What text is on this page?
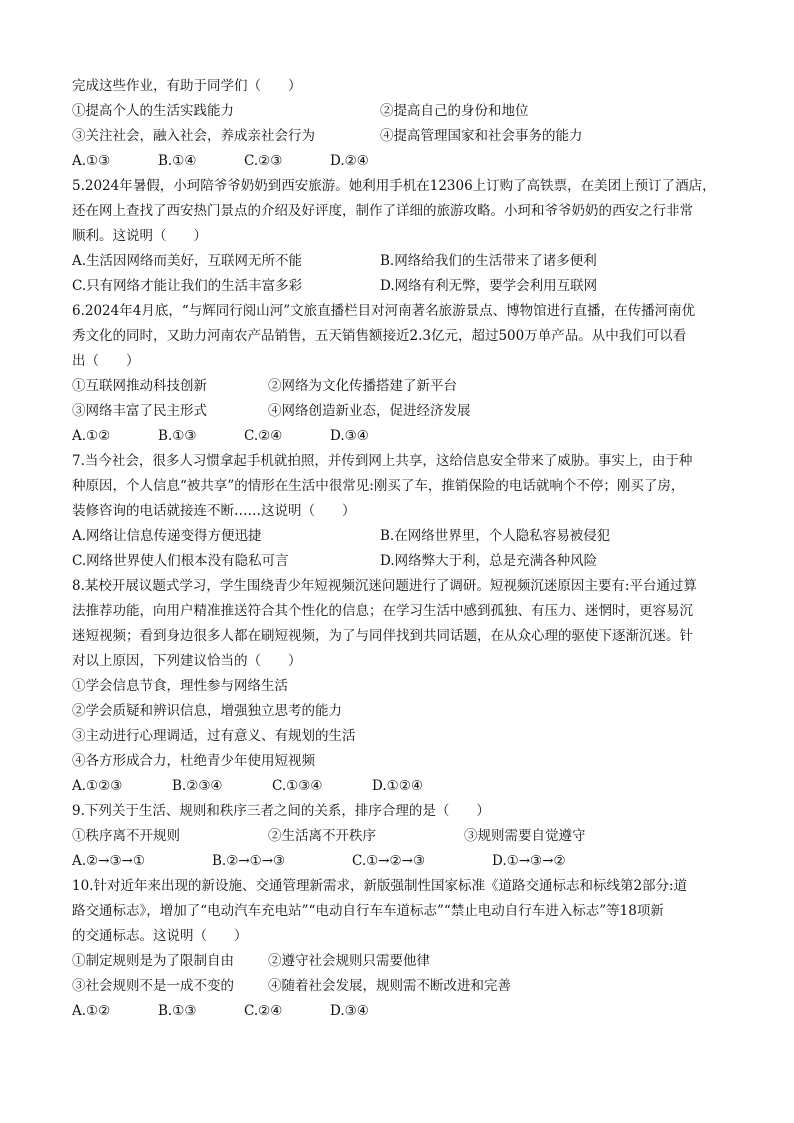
完成这些作业，有助于同学们（　　）
①提高个人的生活实践能力	②提高自己的身份和地位
③关注社会，融入社会，养成亲社会行为	④提高管理国家和社会事务的能力
A.①③	B.①④	C.②③	D.②④
5.2024年暑假，小珂陪爷爷奶奶到西安旅游。她利用手机在12306上订购了高铁票，在美团上预订了酒店，
还在网上查找了西安热门景点的介绍及好评度，制作了详细的旅游攻略。小珂和爷爷奶奶的西安之行非常
顺利。这说明（　　）
A.生活因网络而美好，互联网无所不能	B.网络给我们的生活带来了诸多便利
C.只有网络才能让我们的生活丰富多彩	D.网络有利无弊，要学会利用互联网
6.2024年4月底，“与辉同行阅山河”文旅直播栏目对河南著名旅游景点、博物馆进行直播，在传播河南优
秀文化的同时，又助力河南农产品销售，五天销售额接近2.3亿元，超过500万单产品。从中我们可以看
出（　　）
①互联网推动科技创新	②网络为文化传播搭建了新平台
③网络丰富了民主形式	④网络创造新业态，促进经济发展
A.①②	B.①③	C.②④	D.③④
7.当今社会，很多人习惯拿起手机就拍照，并传到网上共享，这给信息安全带来了威胁。事实上，由于种
种原因，个人信息“被共享”的情形在生活中很常见:刚买了车，推销保险的电话就响个不停；刚买了房，
装修咨询的电话就接连不断……这说明（　　）
A.网络让信息传递变得方便迅捷	B.在网络世界里，个人隐私容易被侵犯
C.网络世界使人们根本没有隐私可言	D.网络弊大于利，总是充满各种风险
8.某校开展议题式学习，学生围绕青少年短视频沉迷问题进行了调研。短视频沉迷原因主要有:平台通过算
法推荐功能，向用户精准推送符合其个性化的信息；在学习生活中感到孤独、有压力、迷惘时，更容易沉
迷短视频；看到身边很多人都在刷短视频，为了与同伴找到共同话题，在从众心理的驱使下逐渐沉迷。针
对以上原因，下列建议恰当的（　　）
①学会信息节食，理性参与网络生活
②学会质疑和辨识信息，增强独立思考的能力
③主动进行心理调适，过有意义、有规划的生活
④各方形成合力，杜绝青少年使用短视频
A.①②③	B.②③④	C.①③④	D.①②④
9.下列关于生活、规则和秩序三者之间的关系，排序合理的是（　　）
①秩序离不开规则	②生活离不开秩序	③规则需要自觉遵守
A.②→③→①	B.②→①→③	C.①→②→③	D.①→③→②
10.针对近年来出现的新设施、交通管理新需求，新版强制性国家标准《道路交通标志和标线第2部分:道
路交通标志》，增加了“电动汽车充电站”“电动自行车车道标志”“禁止电动自行车进入标志”等18项新
的交通标志。这说明（　　）
①制定规则是为了限制自由	②遵守社会规则只需要他律
③社会规则不是一成不变的	④随着社会发展，规则需不断改进和完善
A.①②	B.①③	C.②④	D.③④
